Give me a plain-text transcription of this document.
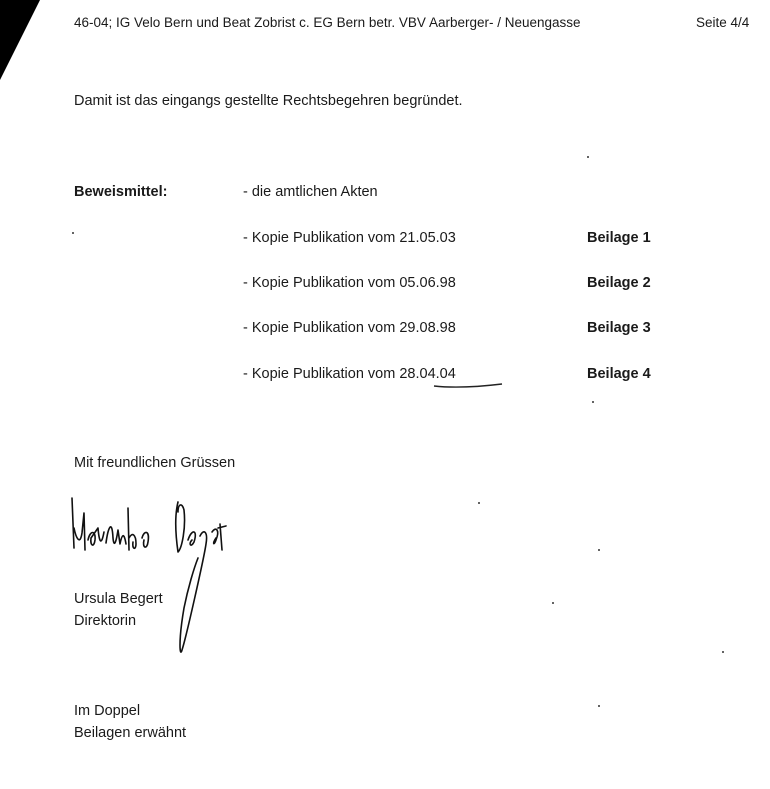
46-04; IG Velo Bern und Beat Zobrist c. EG Bern betr. VBV Aarberger- / Neuengasse	Seite 4/4
Damit ist das eingangs gestellte Rechtsbegehren begründet.
Beweismittel:	- die amtlichen Akten
- Kopie Publikation vom 21.05.03	Beilage 1
- Kopie Publikation vom 05.06.98	Beilage 2
- Kopie Publikation vom 29.08.98	Beilage 3
- Kopie Publikation vom 28.04.04	Beilage 4
Mit freundlichen Grüssen
Ursula Begert
Direktorin
Im Doppel
Beilagen erwähnt
